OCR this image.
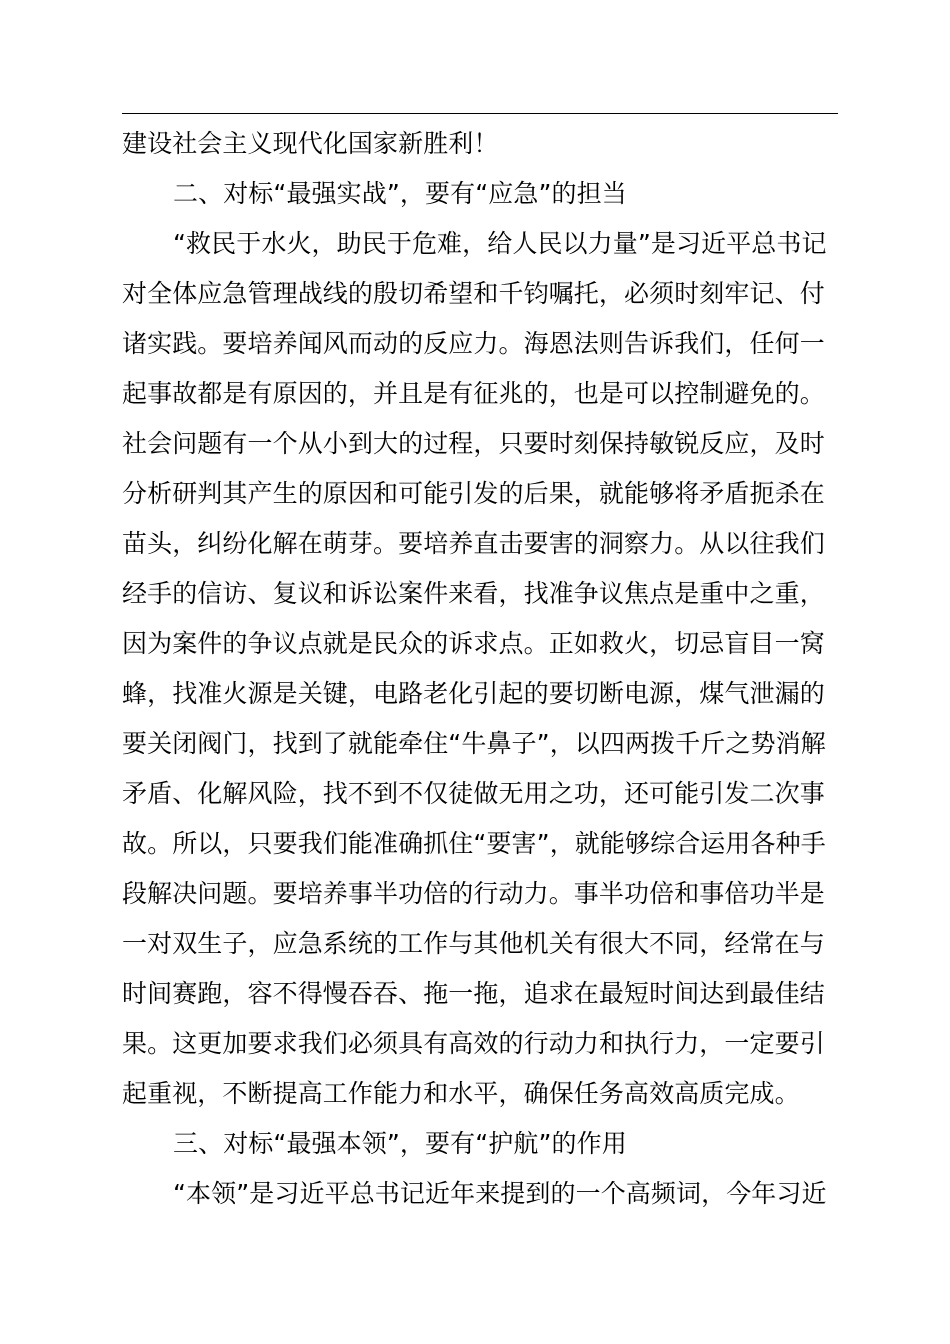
建设社会主义现代化国家新胜利！
二、对标“最强实战”，要有“应急”的担当
“救民于水火，助民于危难，给人民以力量”是习近平总书记
对全体应急管理战线的殷切希望和千钧嘱托，必须时刻牢记、付
诸实践。要培养闻风而动的反应力。海恩法则告诉我们，任何一
起事故都是有原因的，并且是有征兆的，也是可以控制避免的。
社会问题有一个从小到大的过程，只要时刻保持敏锐反应，及时
分析研判其产生的原因和可能引发的后果，就能够将矛盾扼杀在
苗头，纠纷化解在萌芽。要培养直击要害的洞察力。从以往我们
经手的信访、复议和诉讼案件来看，找准争议焦点是重中之重，
因为案件的争议点就是民众的诉求点。正如救火，切忌盲目一窝
蜂，找准火源是关键，电路老化引起的要切断电源，煤气泄漏的
要关闭阀门，找到了就能牵住“牛鼻子”，以四两拨千斤之势消解
矛盾、化解风险，找不到不仅徒做无用之功，还可能引发二次事
故。所以，只要我们能准确抓住“要害”，就能够综合运用各种手
段解决问题。要培养事半功倍的行动力。事半功倍和事倍功半是
一对双生子，应急系统的工作与其他机关有很大不同，经常在与
时间赛跑，容不得慢吞吞、拖一拖，追求在最短时间达到最佳结
果。这更加要求我们必须具有高效的行动力和执行力，一定要引
起重视，不断提高工作能力和水平，确保任务高效高质完成。
三、对标“最强本领”，要有“护航”的作用
“本领”是习近平总书记近年来提到的一个高频词，今年习近
